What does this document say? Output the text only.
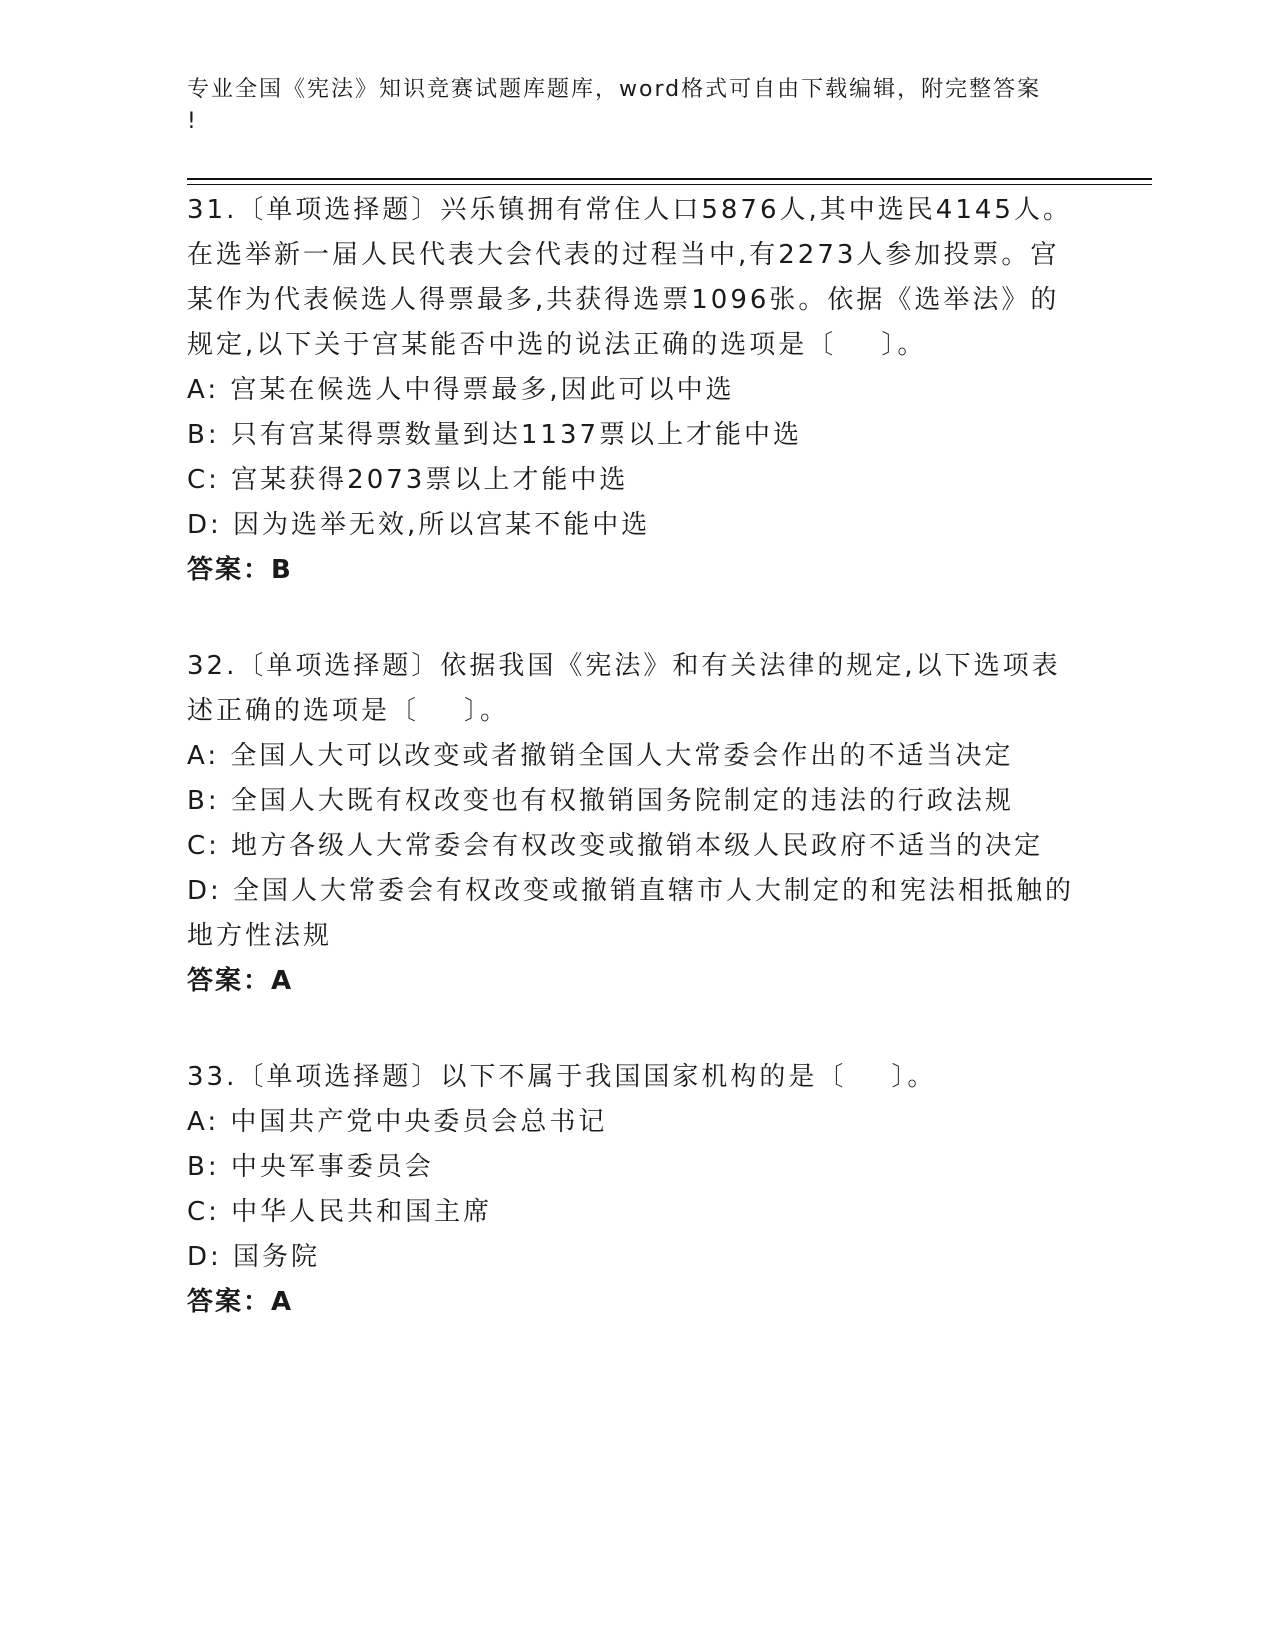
专业全国《宪法》知识竞赛试题库题库，word格式可自由下载编辑，附完整答案
!
31.〔单项选择题〕兴乐镇拥有常住人口5876人,其中选民4145人。
在选举新一届人民代表大会代表的过程当中,有2273人参加投票。宫
某作为代表候选人得票最多,共获得选票1096张。依据《选举法》的
规定,以下关于宫某能否中选的说法正确的选项是〔    〕。
A: 宫某在候选人中得票最多,因此可以中选
B: 只有宫某得票数量到达1137票以上才能中选
C: 宫某获得2073票以上才能中选
D: 因为选举无效,所以宫某不能中选
答案：B
32.〔单项选择题〕依据我国《宪法》和有关法律的规定,以下选项表
述正确的选项是〔    〕。
A: 全国人大可以改变或者撤销全国人大常委会作出的不适当决定
B: 全国人大既有权改变也有权撤销国务院制定的违法的行政法规
C: 地方各级人大常委会有权改变或撤销本级人民政府不适当的决定
D: 全国人大常委会有权改变或撤销直辖市人大制定的和宪法相抵触的
地方性法规
答案：A
33.〔单项选择题〕以下不属于我国国家机构的是〔    〕。
A: 中国共产党中央委员会总书记
B: 中央军事委员会
C: 中华人民共和国主席
D: 国务院
答案：A
